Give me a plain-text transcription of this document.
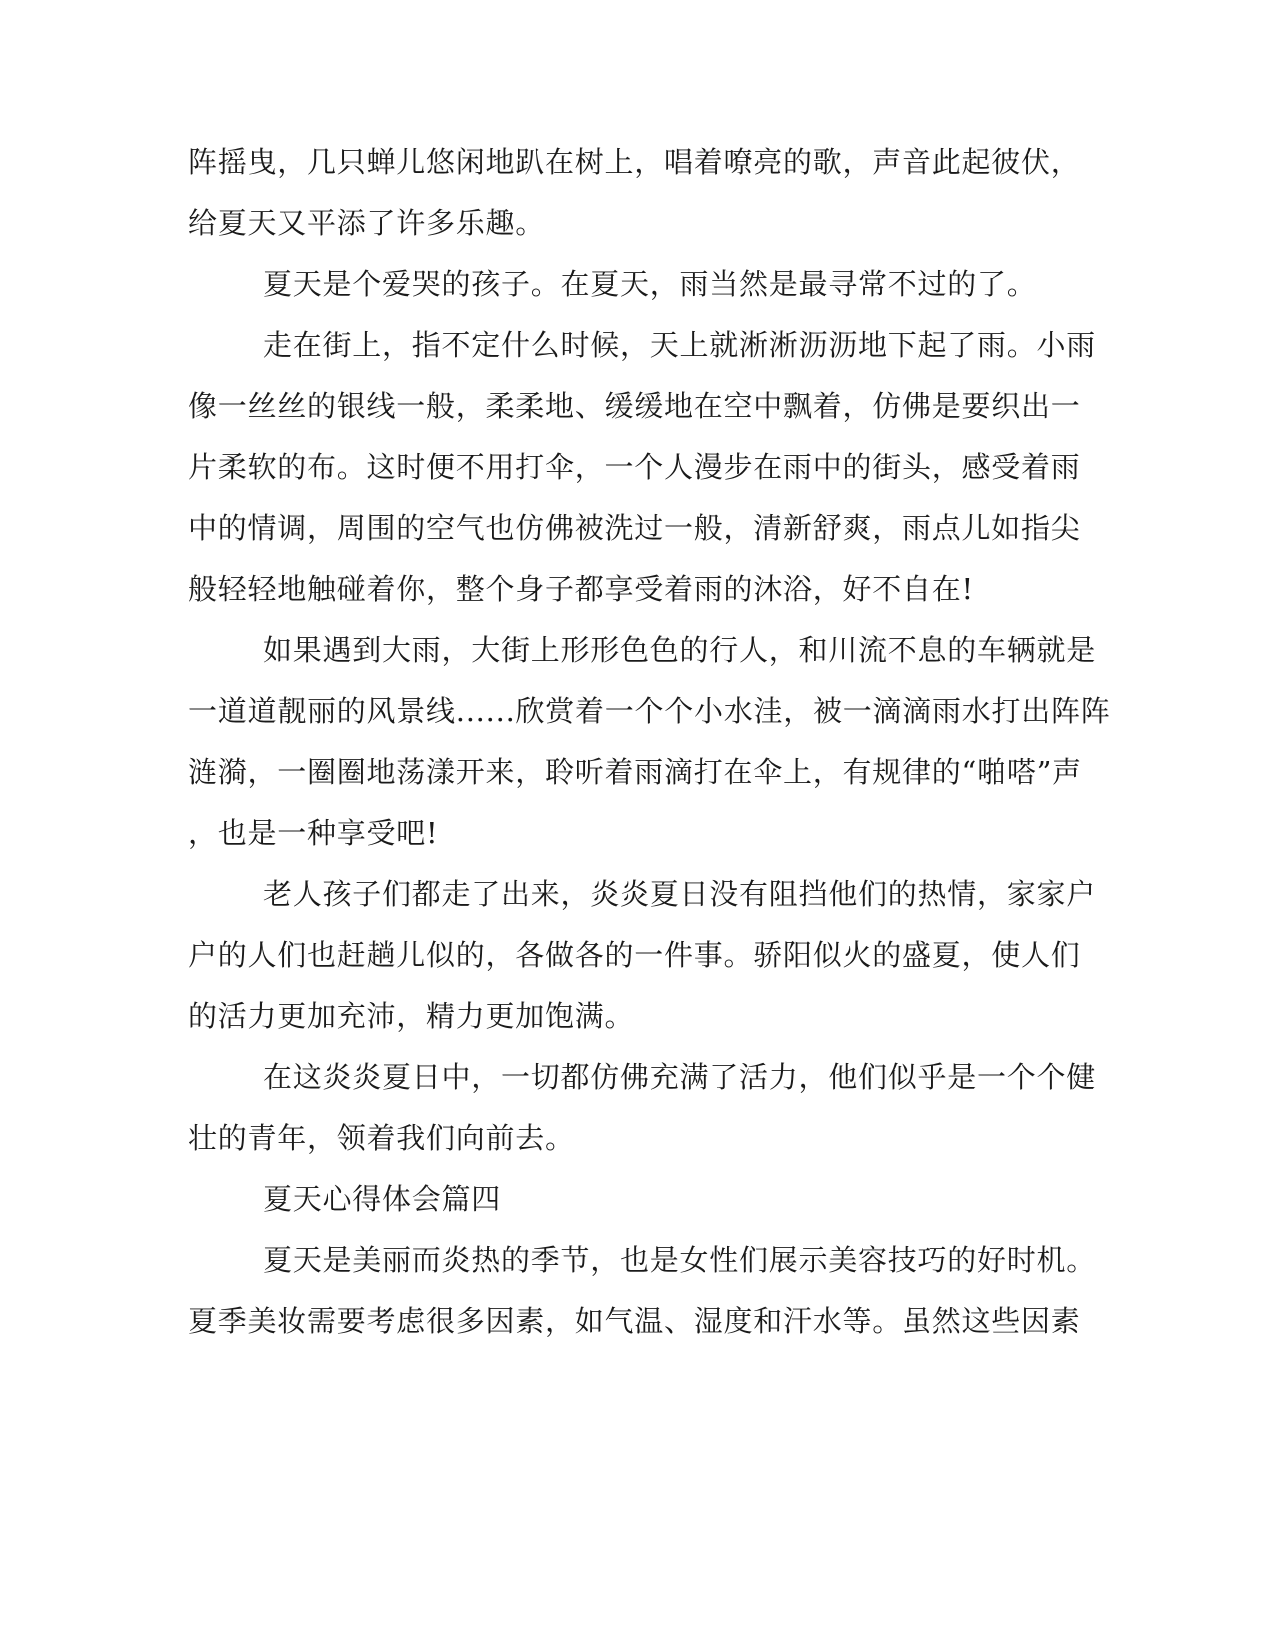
阵摇曳，几只蝉儿悠闲地趴在树上，唱着嘹亮的歌，声音此起彼伏，
给夏天又平添了许多乐趣。
夏天是个爱哭的孩子。在夏天，雨当然是最寻常不过的了。
走在街上，指不定什么时候，天上就淅淅沥沥地下起了雨。小雨
像一丝丝的银线一般，柔柔地、缓缓地在空中飘着，仿佛是要织出一
片柔软的布。这时便不用打伞，一个人漫步在雨中的街头，感受着雨
中的情调，周围的空气也仿佛被洗过一般，清新舒爽，雨点儿如指尖
般轻轻地触碰着你，整个身子都享受着雨的沐浴，好不自在!
如果遇到大雨，大街上形形色色的行人，和川流不息的车辆就是
一道道靓丽的风景线......欣赏着一个个小水洼，被一滴滴雨水打出阵阵
涟漪，一圈圈地荡漾开来，聆听着雨滴打在伞上，有规律的“啪嗒”声
，也是一种享受吧!
老人孩子们都走了出来，炎炎夏日没有阻挡他们的热情，家家户
户的人们也赶趟儿似的，各做各的一件事。骄阳似火的盛夏，使人们
的活力更加充沛，精力更加饱满。
在这炎炎夏日中，一切都仿佛充满了活力，他们似乎是一个个健
壮的青年，领着我们向前去。
夏天心得体会篇四
夏天是美丽而炎热的季节，也是女性们展示美容技巧的好时机。
夏季美妆需要考虑很多因素，如气温、湿度和汗水等。虽然这些因素
